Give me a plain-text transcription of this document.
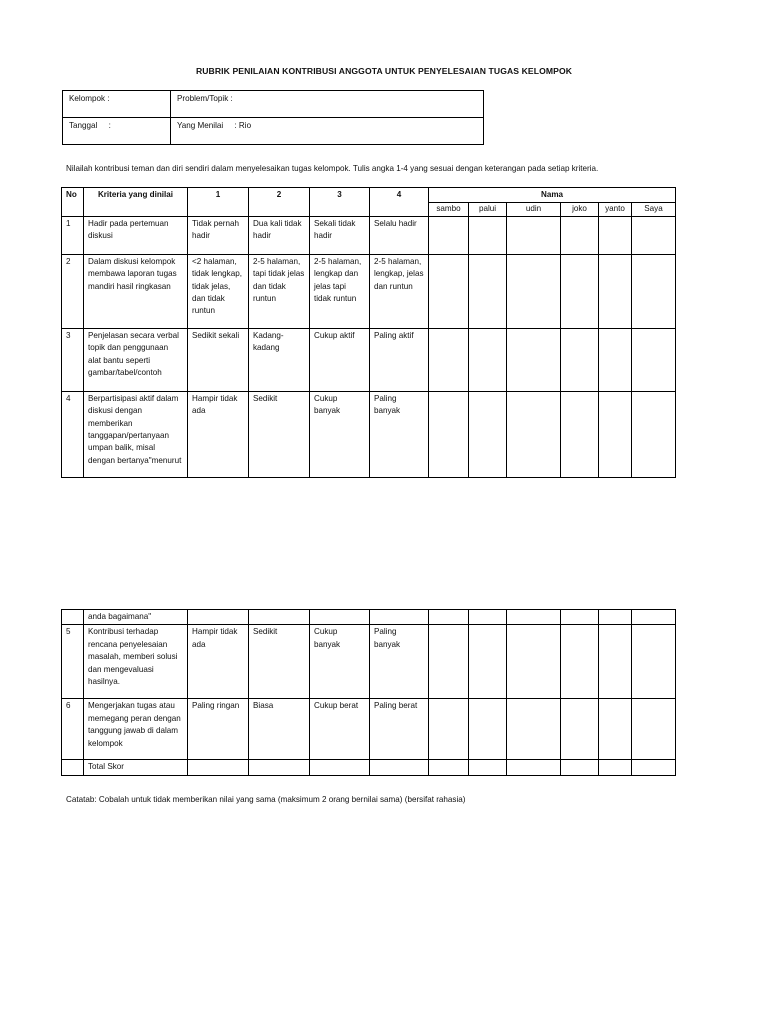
RUBRIK PENILAIAN KONTRIBUSI ANGGOTA UNTUK PENYELESAIAN TUGAS KELOMPOK
Kelompok :	Problem/Topik :
Tanggal     :	Yang Menilai     : Rio
Nilailah kontribusi teman dan diri sendiri dalam menyelesaikan tugas kelompok. Tulis angka 1-4 yang sesuai dengan keterangan pada setiap kriteria.
No	Kriteria yang dinilai	1	2	3	4	Nama					
						sambo	palui	udin	joko	yanto	Saya
1	Hadir pada pertemuan diskusi	Tidak pernah hadir	Dua kali tidak hadir	Sekali tidak hadir	Selalu hadir						
2	Dalam diskusi kelompok membawa laporan tugas mandiri hasil ringkasan	<2 halaman, tidak lengkap, tidak jelas, dan tidak runtun	2-5 halaman, tapi tidak jelas dan tidak runtun	2-5 halaman, lengkap dan jelas tapi tidak runtun	2-5 halaman, lengkap, jelas dan runtun						
3	Penjelasan secara verbal topik dan penggunaan alat bantu seperti gambar/tabel/contoh	Sedikit sekali	Kadang-kadang	Cukup aktif	Paling aktif						
4	Berpartisipasi aktif dalam diskusi dengan memberikan tanggapan/pertanyaan umpan balik, misal dengan bertanya"menurut	Hampir tidak ada	Sedikit	Cukup banyak	Paling banyak						
	anda bagaimana"										
5	Kontribusi terhadap rencana penyelesaian masalah, memberi solusi dan mengevaluasi hasilnya.	Hampir tidak ada	Sedikit	Cukup banyak	Paling banyak						
6	Mengerjakan tugas atau memegang peran dengan tanggung jawab di dalam kelompok	Paling ringan	Biasa	Cukup berat	Paling berat						
	Total Skor										
Catatab: Cobalah untuk tidak memberikan nilai yang sama (maksimum 2 orang bernilai sama) (bersifat rahasia)
